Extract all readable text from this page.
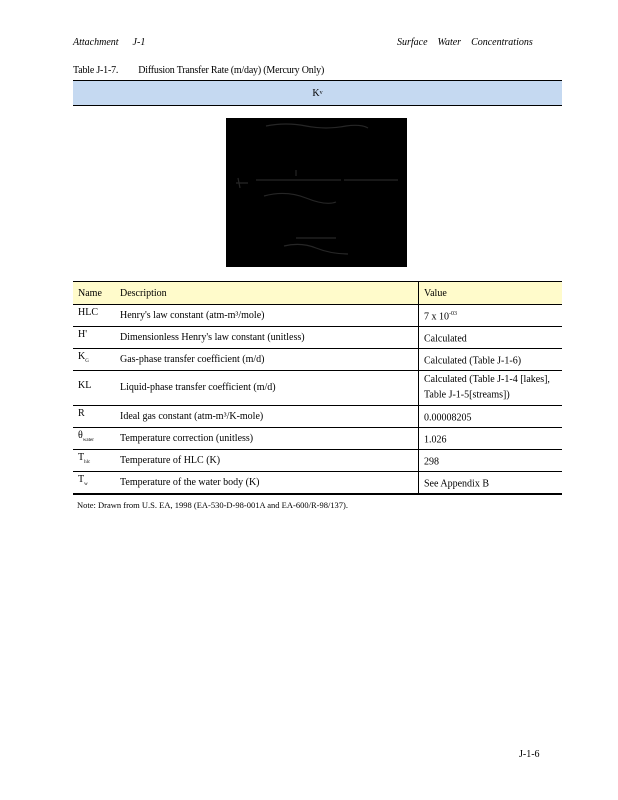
Attachment J-1	Surface Water Concentrations
Table J-1-7. Diffusion Transfer Rate (m/day) (Mercury Only)
K v
Name	Description	Value
HLC	Henry's law constant (atm-m³/mole)	7 x $10^{-03}$
H'	Dimensionless Henry's law constant (unitless)	Calculated
$K_G$	Gas-phase transfer coefficient (m/d)	Calculated (Table J-1-6)
KL	Liquid-phase transfer coefficient (m/d)	Calculated (Table J-1-4 [lakes], Table J-1-5[streams])
R	Ideal gas constant (atm-m³/K-mole)	0.00008205
$\theta_{water}$	Temperature correction (unitless)	1.026
$T_{hlc}$	Temperature of HLC (K)	298
$T_w$	Temperature of the water body (K)	See Appendix B
Note: Drawn from U.S. EA, 1998 (EA-530-D-98-001A and EA-600/R-98/137).
J-1-6
